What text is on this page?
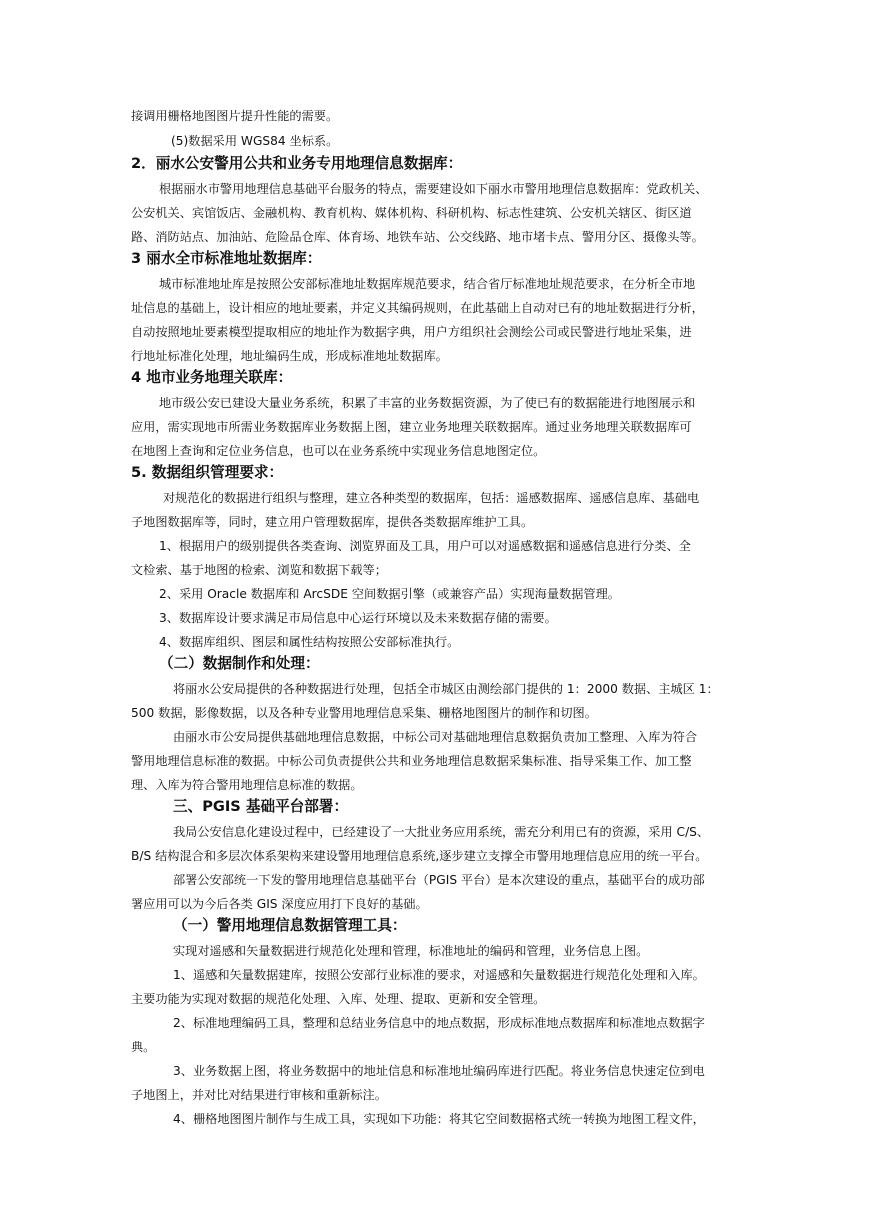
接调用栅格地图图片提升性能的需要。
(5)数据采用 WGS84 坐标系。
2．丽水公安警用公共和业务专用地理信息数据库：
根据丽水市警用地理信息基础平台服务的特点，需要建设如下丽水市警用地理信息数据库：党政机关、
公安机关、宾馆饭店、金融机构、教育机构、媒体机构、科研机构、标志性建筑、公安机关辖区、街区道
路、消防站点、加油站、危险品仓库、体育场、地铁车站、公交线路、地市堵卡点、警用分区、摄像头等。
3 丽水全市标准地址数据库：
城市标准地址库是按照公安部标准地址数据库规范要求，结合省厅标准地址规范要求，在分析全市地
址信息的基础上，设计相应的地址要素，并定义其编码规则，在此基础上自动对已有的地址数据进行分析，
自动按照地址要素模型提取相应的地址作为数据字典，用户方组织社会测绘公司或民警进行地址采集，进
行地址标准化处理，地址编码生成，形成标准地址数据库。
4 地市业务地理关联库：
地市级公安已建设大量业务系统，积累了丰富的业务数据资源，为了使已有的数据能进行地图展示和
应用，需实现地市所需业务数据库业务数据上图，建立业务地理关联数据库。通过业务地理关联数据库可
在地图上查询和定位业务信息，也可以在业务系统中实现业务信息地图定位。
5. 数据组织管理要求：
对规范化的数据进行组织与整理，建立各种类型的数据库，包括：遥感数据库、遥感信息库、基础电
子地图数据库等，同时，建立用户管理数据库，提供各类数据库维护工具。
1、根据用户的级别提供各类查询、浏览界面及工具，用户可以对遥感数据和遥感信息进行分类、全
文检索、基于地图的检索、浏览和数据下载等；
2、采用 Oracle 数据库和 ArcSDE 空间数据引擎（或兼容产品）实现海量数据管理。
3、数据库设计要求满足市局信息中心运行环境以及未来数据存储的需要。
4、数据库组织、图层和属性结构按照公安部标准执行。
（二）数据制作和处理：
将丽水公安局提供的各种数据进行处理，包括全市城区由测绘部门提供的 1：2000 数据、主城区 1：
500 数据，影像数据，以及各种专业警用地理信息采集、栅格地图图片的制作和切图。
由丽水市公安局提供基础地理信息数据，中标公司对基础地理信息数据负责加工整理、入库为符合
警用地理信息标准的数据。中标公司负责提供公共和业务地理信息数据采集标准、指导采集工作、加工整
理、入库为符合警用地理信息标准的数据。
三、PGIS 基础平台部署：
我局公安信息化建设过程中，已经建设了一大批业务应用系统，需充分利用已有的资源，采用 C/S、
B/S 结构混合和多层次体系架构来建设警用地理信息系统,逐步建立支撑全市警用地理信息应用的统一平台。
部署公安部统一下发的警用地理信息基础平台（PGIS 平台）是本次建设的重点，基础平台的成功部
署应用可以为今后各类 GIS 深度应用打下良好的基础。
（一）警用地理信息数据管理工具：
实现对遥感和矢量数据进行规范化处理和管理，标准地址的编码和管理，业务信息上图。
1、遥感和矢量数据建库，按照公安部行业标准的要求，对遥感和矢量数据进行规范化处理和入库。
主要功能为实现对数据的规范化处理、入库、处理、提取、更新和安全管理。
2、标准地理编码工具，整理和总结业务信息中的地点数据，形成标准地点数据库和标准地点数据字
典。
3、业务数据上图，将业务数据中的地址信息和标准地址编码库进行匹配。将业务信息快速定位到电
子地图上，并对比对结果进行审核和重新标注。
4、栅格地图图片制作与生成工具，实现如下功能：将其它空间数据格式统一转换为地图工程文件，
